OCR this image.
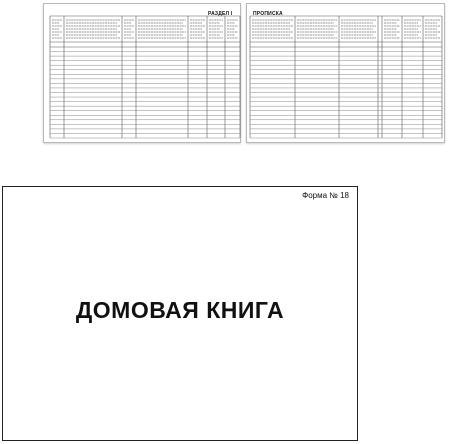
РАЗДЕЛ I	ПРОПИСКА
Форма № 18
ДОМОВАЯ КНИГА
